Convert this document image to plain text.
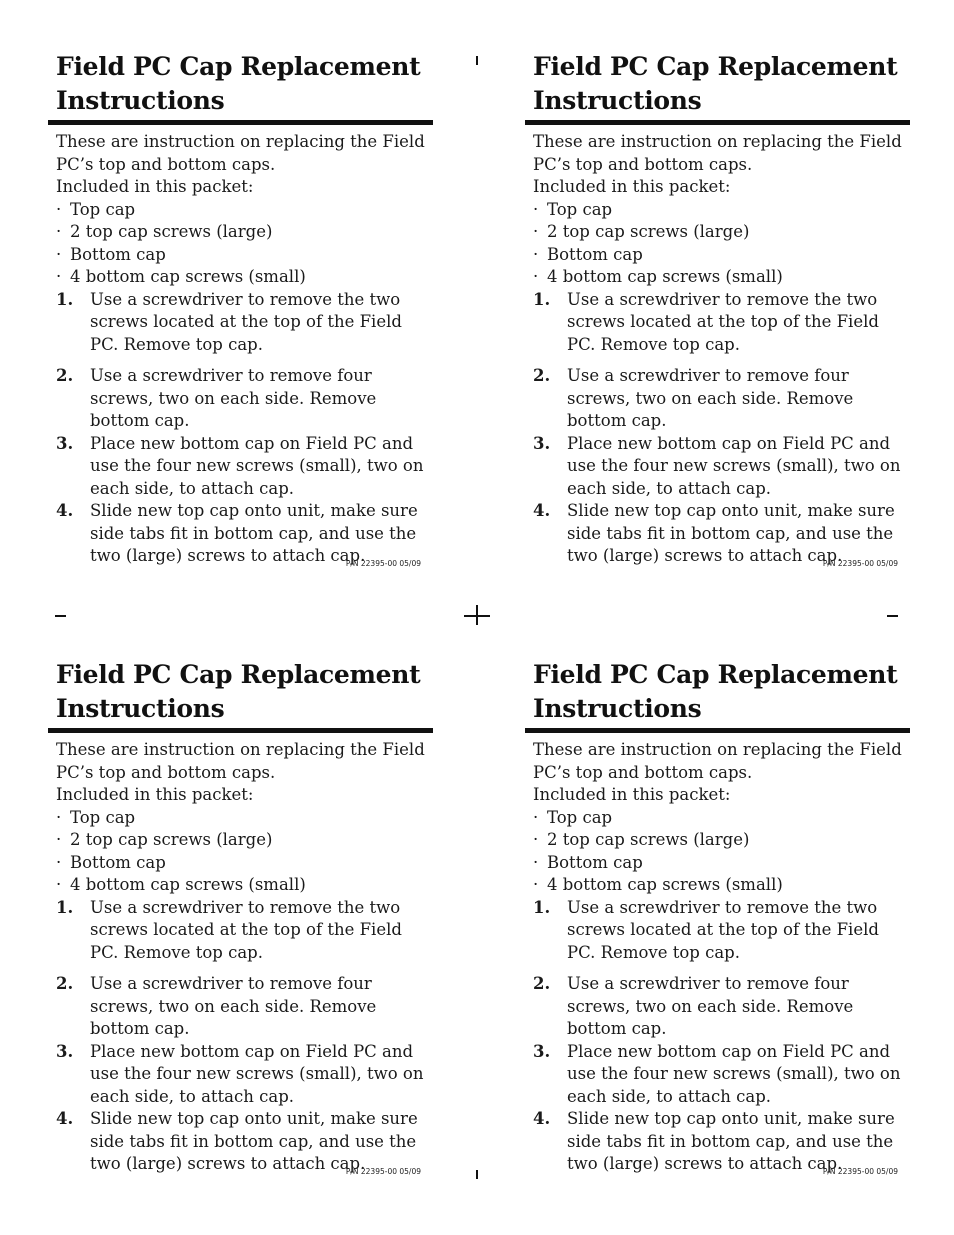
Field PC Cap Replacement Instructions
These are instruction on replacing the Field
PC’s top and bottom caps.
Included in this packet:
· Top cap
· 2 top cap screws (large)
· Bottom cap
· 4 bottom cap screws (small)
1. Use a screwdriver to remove the two screws located at the top of the Field PC. Remove top cap.
2. Use a screwdriver to remove four screws, two on each side. Remove bottom cap.
3. Place new bottom cap on Field PC and use the four new screws (small), two on each side, to attach cap.
4. Slide new top cap onto unit, make sure side tabs fit in bottom cap, and use the two (large) screws to attach cap.
P/N 22395-00 05/09
Field PC Cap Replacement Instructions
These are instruction on replacing the Field
PC’s top and bottom caps.
Included in this packet:
· Top cap
· 2 top cap screws (large)
· Bottom cap
· 4 bottom cap screws (small)
1. Use a screwdriver to remove the two screws located at the top of the Field PC. Remove top cap.
2. Use a screwdriver to remove four screws, two on each side. Remove bottom cap.
3. Place new bottom cap on Field PC and use the four new screws (small), two on each side, to attach cap.
4. Slide new top cap onto unit, make sure side tabs fit in bottom cap, and use the two (large) screws to attach cap.
P/N 22395-00 05/09
Field PC Cap Replacement Instructions
These are instruction on replacing the Field
PC’s top and bottom caps.
Included in this packet:
· Top cap
· 2 top cap screws (large)
· Bottom cap
· 4 bottom cap screws (small)
1. Use a screwdriver to remove the two screws located at the top of the Field PC. Remove top cap.
2. Use a screwdriver to remove four screws, two on each side. Remove bottom cap.
3. Place new bottom cap on Field PC and use the four new screws (small), two on each side, to attach cap.
4. Slide new top cap onto unit, make sure side tabs fit in bottom cap, and use the two (large) screws to attach cap.
P/N 22395-00 05/09
Field PC Cap Replacement Instructions
These are instruction on replacing the Field
PC’s top and bottom caps.
Included in this packet:
· Top cap
· 2 top cap screws (large)
· Bottom cap
· 4 bottom cap screws (small)
1. Use a screwdriver to remove the two screws located at the top of the Field PC. Remove top cap.
2. Use a screwdriver to remove four screws, two on each side. Remove bottom cap.
3. Place new bottom cap on Field PC and use the four new screws (small), two on each side, to attach cap.
4. Slide new top cap onto unit, make sure side tabs fit in bottom cap, and use the two (large) screws to attach cap.
P/N 22395-00 05/09
